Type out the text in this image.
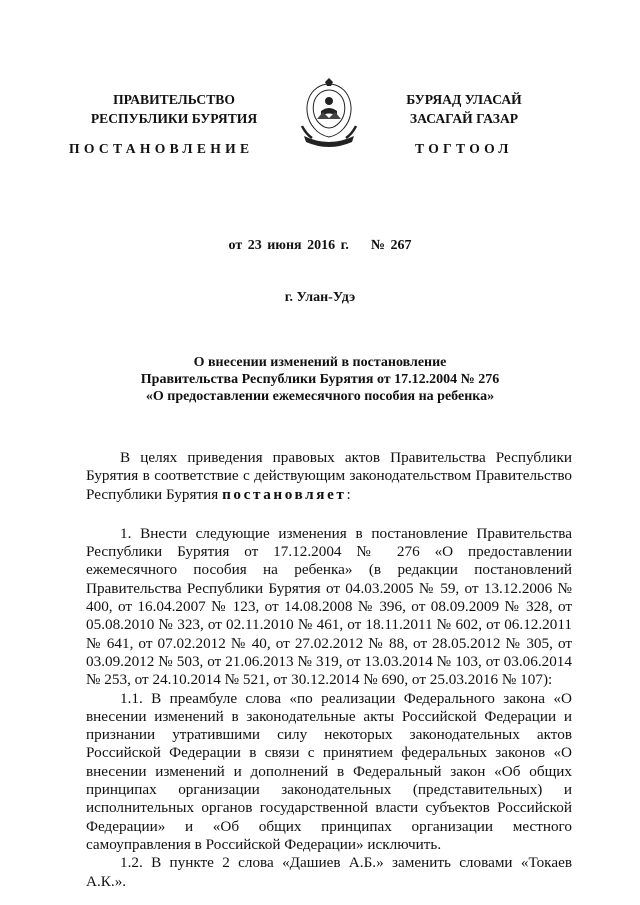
ПРАВИТЕЛЬСТВО
РЕСПУБЛИКИ БУРЯТИЯ
БУРЯАД УЛАСАЙ
ЗАСАГАЙ ГАЗАР
ПОСТАНОВЛЕНИЕ	ТОГТООЛ
от 23 июня 2016 г.    № 267
г. Улан-Удэ
О внесении изменений в постановление
Правительства Республики Бурятия от 17.12.2004 № 276
«О предоставлении ежемесячного пособия на ребенка»

В целях приведения правовых актов Правительства Республики Бурятия в соответствие с действующим законодательством Правительство Республики Бурятия постановляет:

1. Внести следующие изменения в постановление Правительства Республики Бурятия от 17.12.2004 № 276 «О предоставлении ежемесячного пособия на ребенка» (в редакции постановлений Правительства Республики Бурятия от 04.03.2005 № 59, от 13.12.2006 № 400, от 16.04.2007 № 123, от 14.08.2008 № 396, от 08.09.2009 № 328, от 05.08.2010 № 323, от 02.11.2010 № 461, от 18.11.2011 № 602, от 06.12.2011 № 641, от 07.02.2012 № 40, от 27.02.2012 № 88, от 28.05.2012 № 305, от 03.09.2012 № 503, от 21.06.2013 № 319, от 13.03.2014 № 103, от 03.06.2014 № 253, от 24.10.2014 № 521, от 30.12.2014 № 690, от 25.03.2016 № 107):

1.1. В преамбуле слова «по реализации Федерального закона «О внесении изменений в законодательные акты Российской Федерации и признании утратившими силу некоторых законодательных актов Российской Федерации в связи с принятием федеральных законов «О внесении изменений и дополнений в Федеральный закон «Об общих принципах организации законодательных (представительных) и исполнительных органов государственной власти субъектов Российской Федерации» и «Об общих принципах организации местного самоуправления в Российской Федерации» исключить.

1.2. В пункте 2 слова «Дашиев А.Б.» заменить словами «Токаев А.К.».
